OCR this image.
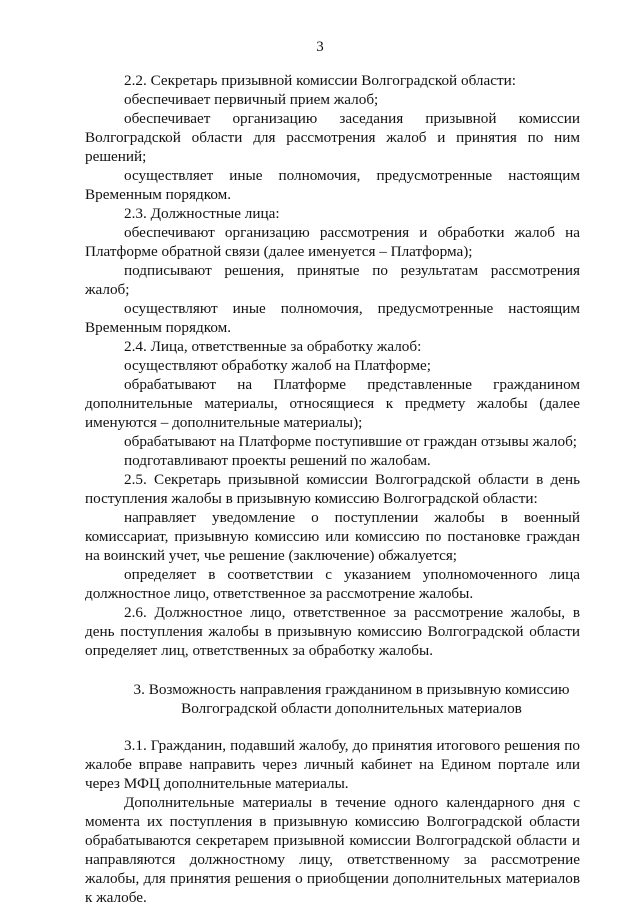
3

2.2. Секретарь призывной комиссии Волгоградской области:

обеспечивает первичный прием жалоб;

обеспечивает организацию заседания призывной комиссии Волгоградской области для рассмотрения жалоб и принятия по ним решений;

осуществляет иные полномочия, предусмотренные настоящим Временным порядком.

2.3. Должностные лица:

обеспечивают организацию рассмотрения и обработки жалоб на Платформе обратной связи (далее именуется – Платформа);

подписывают решения, принятые по результатам рассмотрения жалоб;

осуществляют иные полномочия, предусмотренные настоящим Временным порядком.

2.4. Лица, ответственные за обработку жалоб:

осуществляют обработку жалоб на Платформе;

обрабатывают на Платформе представленные гражданином дополнительные материалы, относящиеся к предмету жалобы (далее именуются – дополнительные материалы);

обрабатывают на Платформе поступившие от граждан отзывы жалоб;

подготавливают проекты решений по жалобам.

2.5. Секретарь призывной комиссии Волгоградской области в день поступления жалобы в призывную комиссию Волгоградской области:

направляет уведомление о поступлении жалобы в военный комиссариат, призывную комиссию или комиссию по постановке граждан на воинский учет, чье решение (заключение) обжалуется;

определяет в соответствии с указанием уполномоченного лица должностное лицо, ответственное за рассмотрение жалобы.

2.6. Должностное лицо, ответственное за рассмотрение жалобы, в день поступления жалобы в призывную комиссию Волгоградской области определяет лиц, ответственных за обработку жалобы.

3. Возможность направления гражданином в призывную комиссию

Волгоградской области дополнительных материалов

3.1. Гражданин, подавший жалобу, до принятия итогового решения по жалобе вправе направить через личный кабинет на Едином портале или через МФЦ дополнительные материалы.

Дополнительные материалы в течение одного календарного дня с момента их поступления в призывную комиссию Волгоградской области обрабатываются секретарем призывной комиссии Волгоградской области и направляются должностному лицу, ответственному за рассмотрение жалобы, для принятия решения о приобщении дополнительных материалов к жалобе.
